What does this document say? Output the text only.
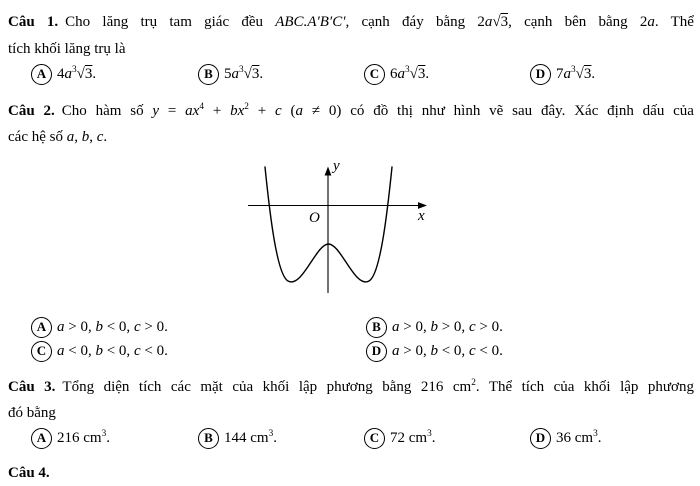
Câu 1. Cho lăng trụ tam giác đều ABC.A′B′C′, cạnh đáy bằng 2a√3, cạnh bên bằng 2a. Thể
tích khối lăng trụ là
A $4a^3√3$.	B $5a^3√3$.	C $6a^3√3$.	D $7a^3√3$.
Câu 2. Cho hàm số $y = ax^4 + bx^2 + c$ (a ≠ 0) có đồ thị như hình vẽ sau đây. Xác định dấu của
các hệ số a, b, c.
y
x
O
A a > 0, b < 0, c > 0.	B a > 0, b > 0, c > 0.
C a < 0, b < 0, c < 0.	D a > 0, b < 0, c < 0.
Câu 3. Tổng diện tích các mặt của khối lập phương bằng 216 $cm^2$. Thể tích của khối lập phương
đó bằng
A 216 $cm^3$.	B 144 $cm^3$.	C 72 $cm^3$.	D 36 $cm^3$.
Câu 4.
